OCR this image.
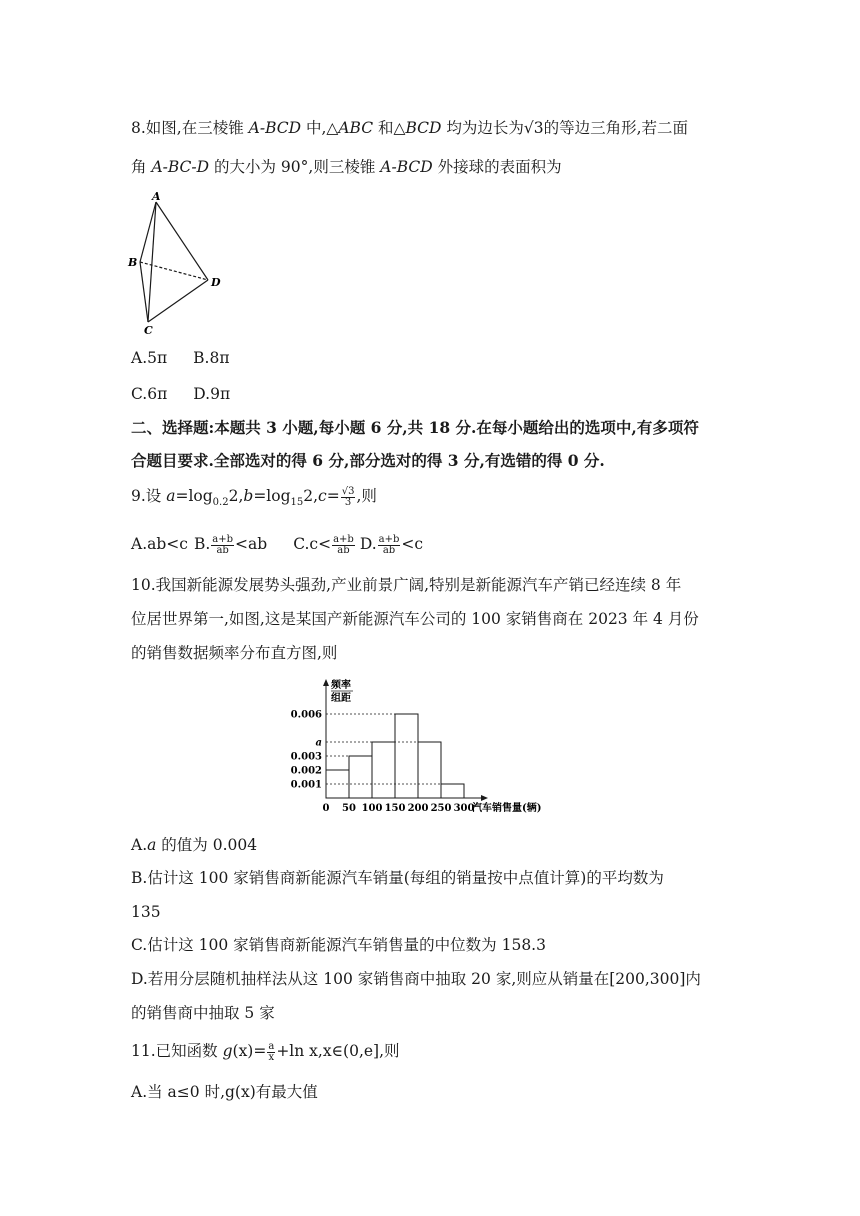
8.如图,在三棱锥 A-BCD 中,△ABC 和△BCD 均为边长为√3的等边三角形,若二面
角 A-BC-D 的大小为 90°,则三棱锥 A-BCD 外接球的表面积为
A
B
C
D
A.5π B.8π
C.6π D.9π
二、选择题:本题共 3 小题,每小题 6 分,共 18 分.在每小题给出的选项中,有多项符
合题目要求.全部选对的得 6 分,部分选对的得 3 分,有选错的得 0 分.
9.设 $a=\log_{0.2}2,b=\log_{15}2,c= \frac{√3}{3}$ ,则
A.ab<c B. $\frac{a+b}{ab} <ab$ $C.c< \frac{a+b}{ab} D$. $\frac{a+b}{ab} <c$
10.我国新能源发展势头强劲,产业前景广阔,特别是新能源汽车产销已经连续 8 年
位居世界第一,如图,这是某国产新能源汽车公司的 100 家销售商在 2023 年 4 月份
的销售数据频率分布直方图,则
频率
组距
0.001
0.002
0.003
a
0.006
0 50 100 150 200 250 300
汽车销售量(辆)
A.a 的值为 0.004
B.估计这 100 家销售商新能源汽车销量(每组的销量按中点值计算)的平均数为
135
C.估计这 100 家销售商新能源汽车销售量的中位数为 158.3
D.若用分层随机抽样法从这 100 家销售商中抽取 20 家,则应从销量在[200,300]内
的销售商中抽取 5 家
11.已知函数 $g(x)= \frac{a}{x} +\ln$ x,x∈(0,e],则
A.当 a≤0 时,g(x)有最大值
